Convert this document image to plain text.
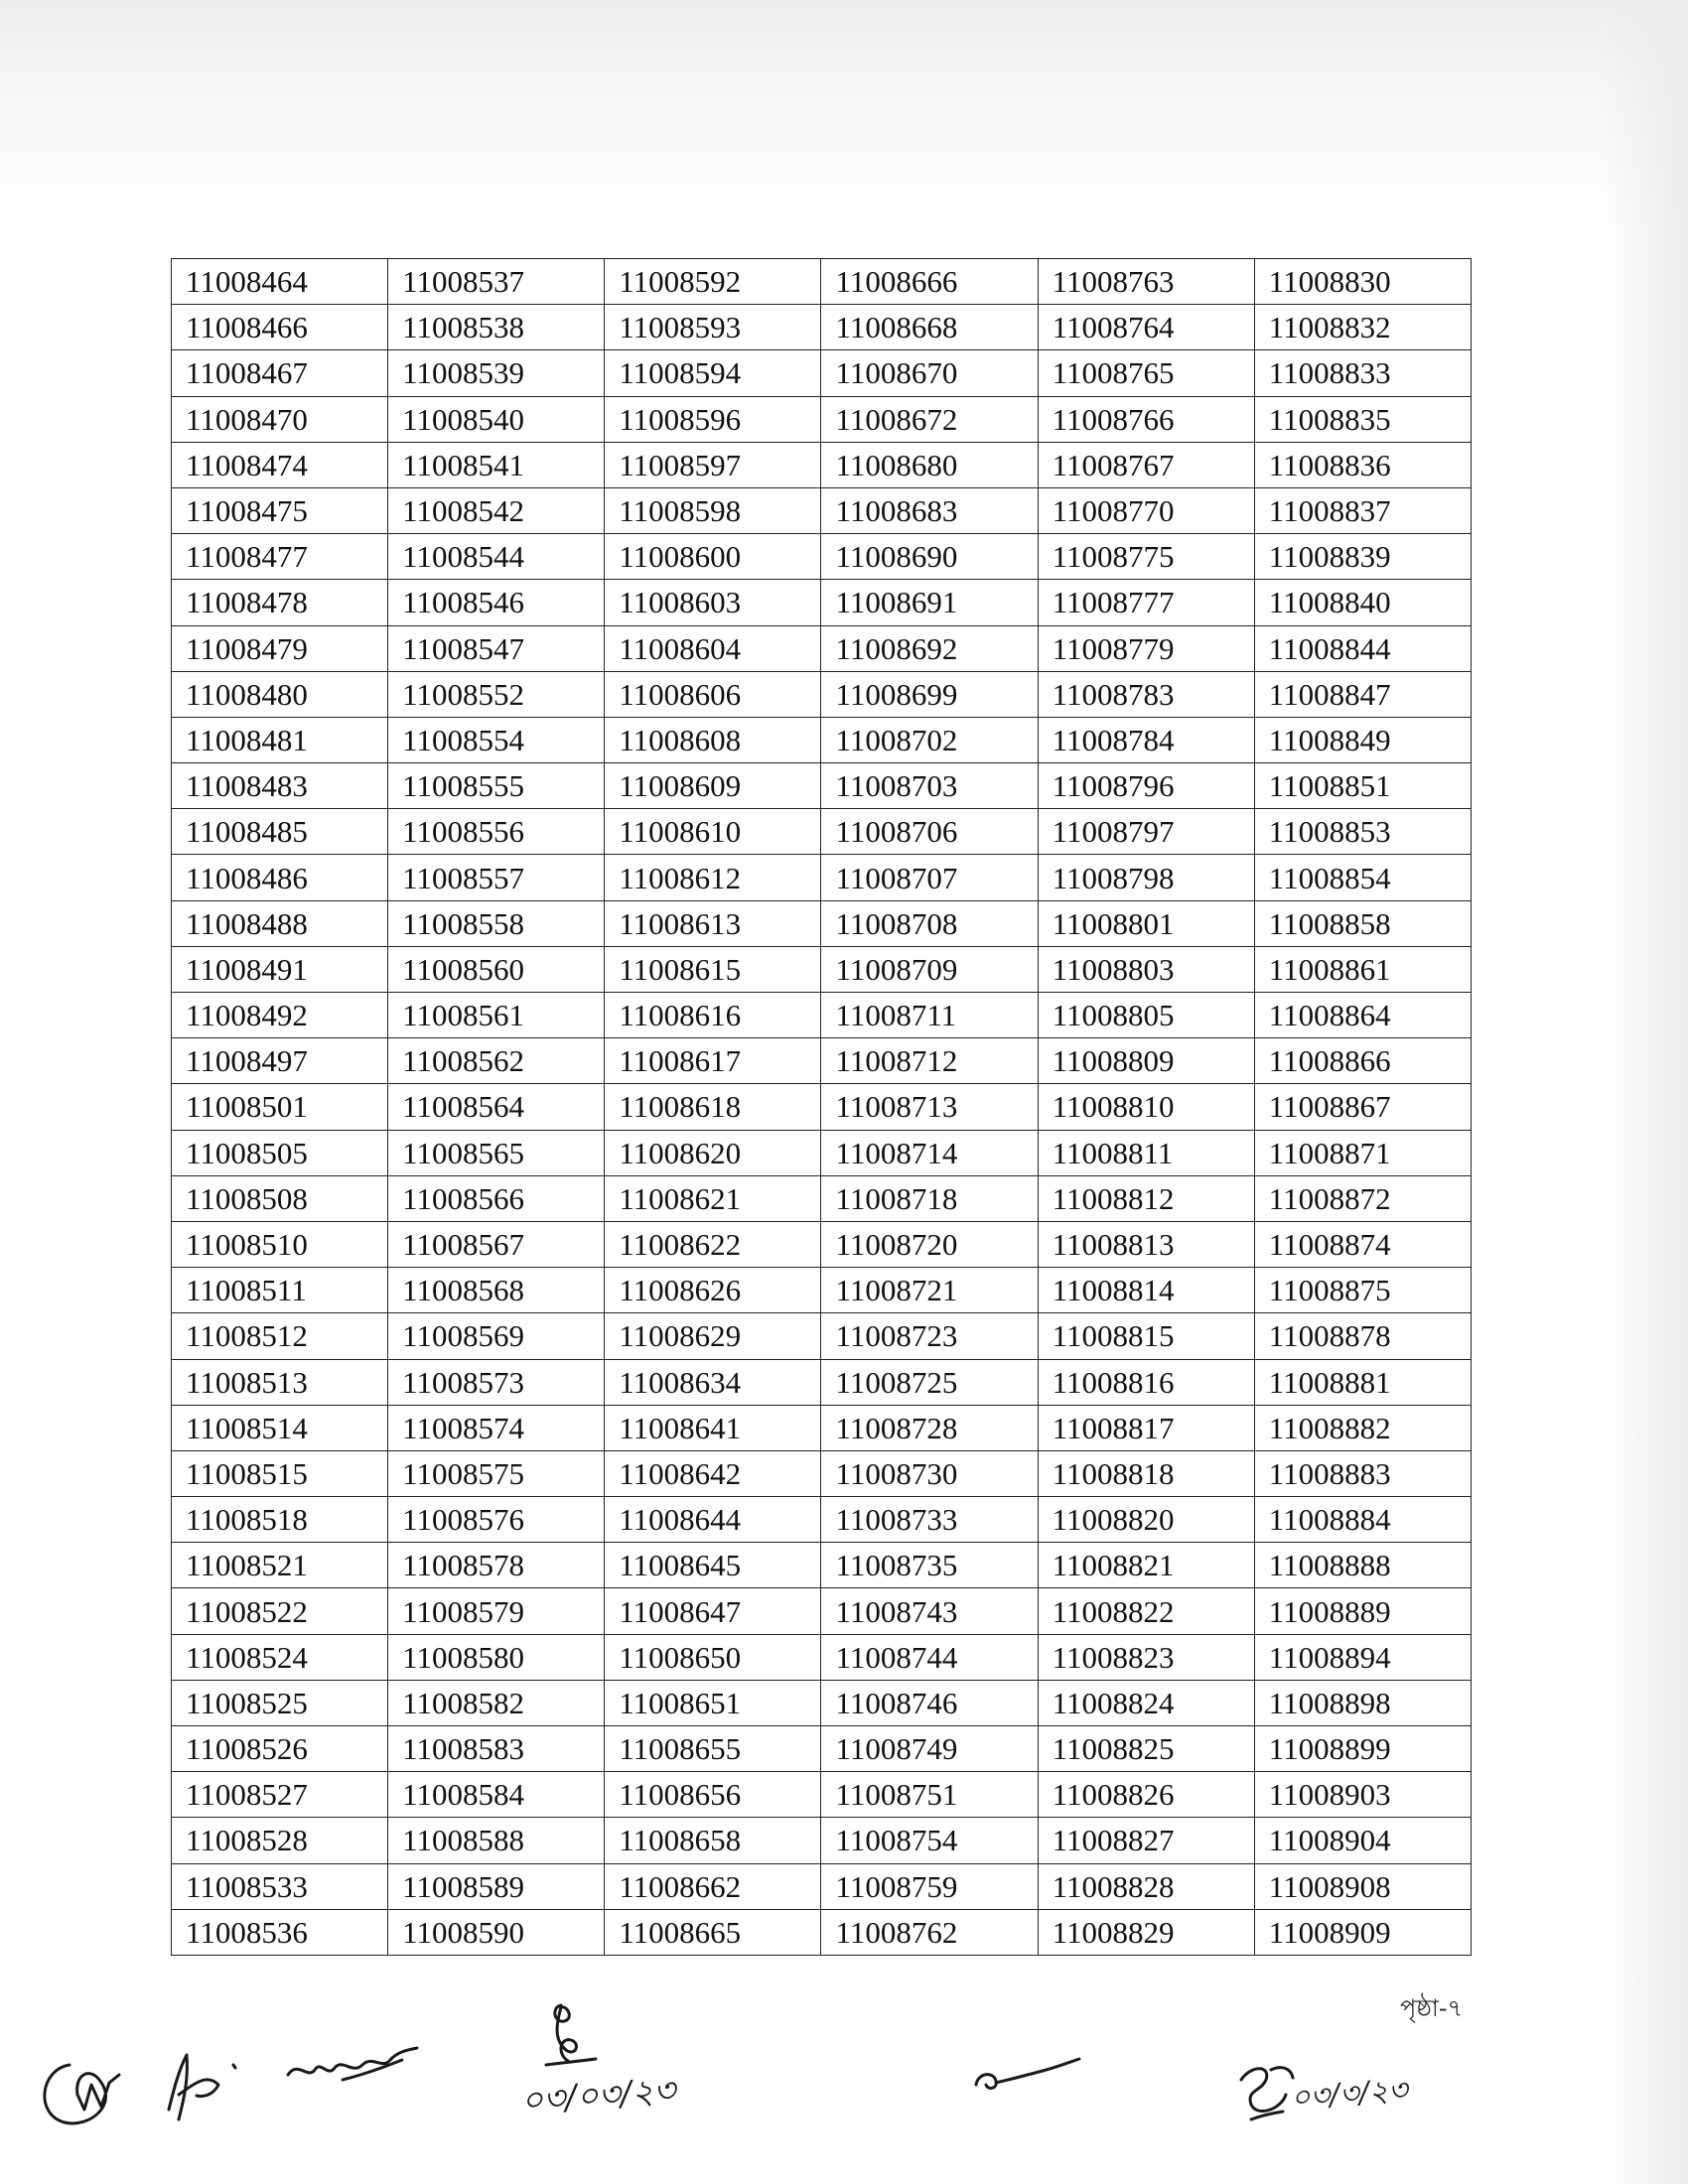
11008464	11008537	11008592	11008666	11008763	11008830
11008466	11008538	11008593	11008668	11008764	11008832
11008467	11008539	11008594	11008670	11008765	11008833
11008470	11008540	11008596	11008672	11008766	11008835
11008474	11008541	11008597	11008680	11008767	11008836
11008475	11008542	11008598	11008683	11008770	11008837
11008477	11008544	11008600	11008690	11008775	11008839
11008478	11008546	11008603	11008691	11008777	11008840
11008479	11008547	11008604	11008692	11008779	11008844
11008480	11008552	11008606	11008699	11008783	11008847
11008481	11008554	11008608	11008702	11008784	11008849
11008483	11008555	11008609	11008703	11008796	11008851
11008485	11008556	11008610	11008706	11008797	11008853
11008486	11008557	11008612	11008707	11008798	11008854
11008488	11008558	11008613	11008708	11008801	11008858
11008491	11008560	11008615	11008709	11008803	11008861
11008492	11008561	11008616	11008711	11008805	11008864
11008497	11008562	11008617	11008712	11008809	11008866
11008501	11008564	11008618	11008713	11008810	11008867
11008505	11008565	11008620	11008714	11008811	11008871
11008508	11008566	11008621	11008718	11008812	11008872
11008510	11008567	11008622	11008720	11008813	11008874
11008511	11008568	11008626	11008721	11008814	11008875
11008512	11008569	11008629	11008723	11008815	11008878
11008513	11008573	11008634	11008725	11008816	11008881
11008514	11008574	11008641	11008728	11008817	11008882
11008515	11008575	11008642	11008730	11008818	11008883
11008518	11008576	11008644	11008733	11008820	11008884
11008521	11008578	11008645	11008735	11008821	11008888
11008522	11008579	11008647	11008743	11008822	11008889
11008524	11008580	11008650	11008744	11008823	11008894
11008525	11008582	11008651	11008746	11008824	11008898
11008526	11008583	11008655	11008749	11008825	11008899
11008527	11008584	11008656	11008751	11008826	11008903
11008528	11008588	11008658	11008754	11008827	11008904
11008533	11008589	11008662	11008759	11008828	11008908
11008536	11008590	11008665	11008762	11008829	11008909
পৃষ্ঠা-৭
০৩/০৩/২৩	০৩/৩/২৩
